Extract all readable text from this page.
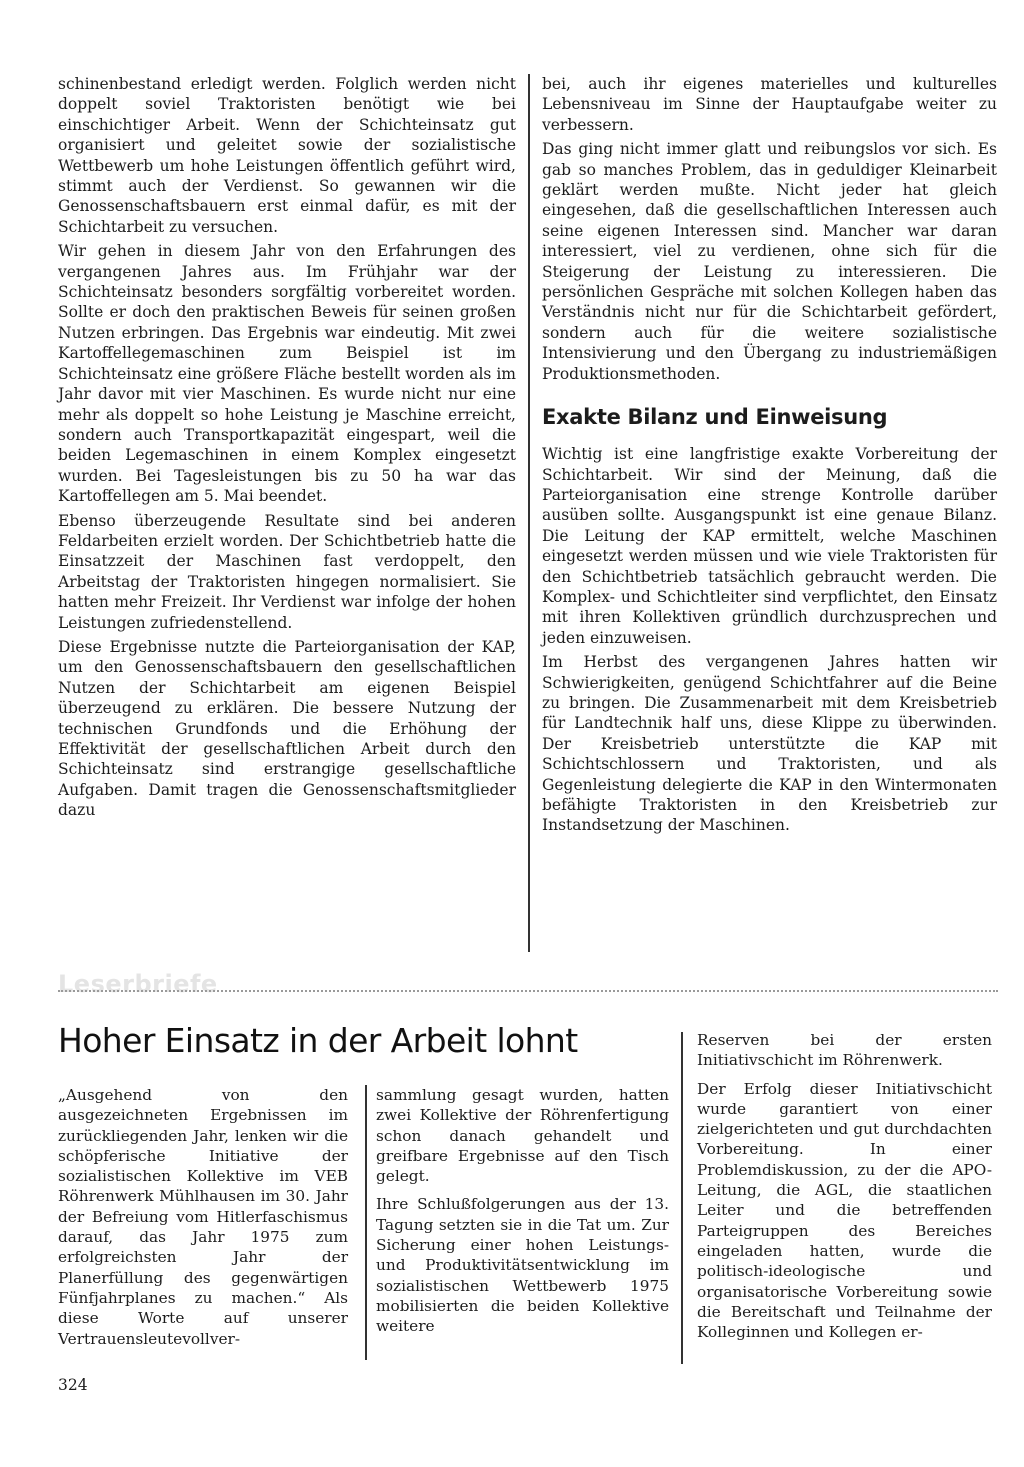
schinenbestand erledigt werden. Folglich werden nicht doppelt soviel Traktoristen benötigt wie bei einschichtiger Arbeit. Wenn der Schichteinsatz gut organisiert und geleitet sowie der sozialistische Wettbewerb um hohe Leistungen öffentlich geführt wird, stimmt auch der Verdienst. So gewannen wir die Genossenschaftsbauern erst einmal dafür, es mit der Schichtarbeit zu versuchen.

Wir gehen in diesem Jahr von den Erfahrungen des vergangenen Jahres aus. Im Frühjahr war der Schichteinsatz besonders sorgfältig vorbereitet worden. Sollte er doch den praktischen Beweis für seinen großen Nutzen erbringen. Das Ergebnis war eindeutig. Mit zwei Kartoffellegemaschinen zum Beispiel ist im Schichteinsatz eine größere Fläche bestellt worden als im Jahr davor mit vier Maschinen. Es wurde nicht nur eine mehr als doppelt so hohe Leistung je Maschine erreicht, sondern auch Transportkapazität eingespart, weil die beiden Legemaschinen in einem Komplex eingesetzt wurden. Bei Tagesleistungen bis zu 50 ha war das Kartoffellegen am 5. Mai beendet.

Ebenso überzeugende Resultate sind bei anderen Feldarbeiten erzielt worden. Der Schichtbetrieb hatte die Einsatzzeit der Maschinen fast verdoppelt, den Arbeitstag der Traktoristen hingegen normalisiert. Sie hatten mehr Freizeit. Ihr Verdienst war infolge der hohen Leistungen zufriedenstellend.

Diese Ergebnisse nutzte die Parteiorganisation der KAP, um den Genossenschaftsbauern den gesellschaftlichen Nutzen der Schichtarbeit am eigenen Beispiel überzeugend zu erklären. Die bessere Nutzung der technischen Grundfonds und die Erhöhung der Effektivität der gesellschaftlichen Arbeit durch den Schichteinsatz sind erstrangige gesellschaftliche Aufgaben. Damit tragen die Genossenschaftsmitglieder dazu

bei, auch ihr eigenes materielles und kulturelles Lebensniveau im Sinne der Hauptaufgabe weiter zu verbessern.

Das ging nicht immer glatt und reibungslos vor sich. Es gab so manches Problem, das in geduldiger Kleinarbeit geklärt werden mußte. Nicht jeder hat gleich eingesehen, daß die gesellschaftlichen Interessen auch seine eigenen Interessen sind. Mancher war daran interessiert, viel zu verdienen, ohne sich für die Steigerung der Leistung zu interessieren. Die persönlichen Gespräche mit solchen Kollegen haben das Verständnis nicht nur für die Schichtarbeit gefördert, sondern auch für die weitere sozialistische Intensivierung und den Übergang zu industriemäßigen Produktionsmethoden.

Exakte Bilanz und Einweisung

Wichtig ist eine langfristige exakte Vorbereitung der Schichtarbeit. Wir sind der Meinung, daß die Parteiorganisation eine strenge Kontrolle darüber ausüben sollte. Ausgangspunkt ist eine genaue Bilanz. Die Leitung der KAP ermittelt, welche Maschinen eingesetzt werden müssen und wie viele Traktoristen für den Schichtbetrieb tatsächlich gebraucht werden. Die Komplex- und Schichtleiter sind verpflichtet, den Einsatz mit ihren Kollektiven gründlich durchzusprechen und jeden einzuweisen.

Im Herbst des vergangenen Jahres hatten wir Schwierigkeiten, genügend Schichtfahrer auf die Beine zu bringen. Die Zusammenarbeit mit dem Kreisbetrieb für Landtechnik half uns, diese Klippe zu überwinden. Der Kreisbetrieb unterstützte die KAP mit Schichtschlossern und Traktoristen, und als Gegenleistung delegierte die KAP in den Wintermonaten befähigte Traktoristen in den Kreisbetrieb zur Instandsetzung der Maschinen.

Leserbriefe
Hoher Einsatz in der Arbeit lohnt

„Ausgehend von den ausgezeichneten Ergebnissen im zurückliegenden Jahr, lenken wir die schöpferische Initiative der sozialistischen Kollektive im VEB Röhrenwerk Mühlhausen im 30. Jahr der Befreiung vom Hitlerfaschismus darauf, das Jahr 1975 zum erfolgreichsten Jahr der Planerfüllung des gegenwärtigen Fünfjahrplanes zu machen.“ Als diese Worte auf unserer Vertrauensleutevollver-

sammlung gesagt wurden, hatten zwei Kollektive der Röhrenfertigung schon danach gehandelt und greifbare Ergebnisse auf den Tisch gelegt.

Ihre Schlußfolgerungen aus der 13. Tagung setzten sie in die Tat um. Zur Sicherung einer hohen Leistungs- und Produktivitätsentwicklung im sozialistischen Wettbewerb 1975 mobilisierten die beiden Kollektive weitere

Reserven bei der ersten Initiativschicht im Röhrenwerk.

Der Erfolg dieser Initiativschicht wurde garantiert von einer zielgerichteten und gut durchdachten Vorbereitung. In einer Problemdiskussion, zu der die APO-Leitung, die AGL, die staatlichen Leiter und die betreffenden Parteigruppen des Bereiches eingeladen hatten, wurde die politisch-ideologische und organisatorische Vorbereitung sowie die Bereitschaft und Teilnahme der Kolleginnen und Kollegen er-

324
